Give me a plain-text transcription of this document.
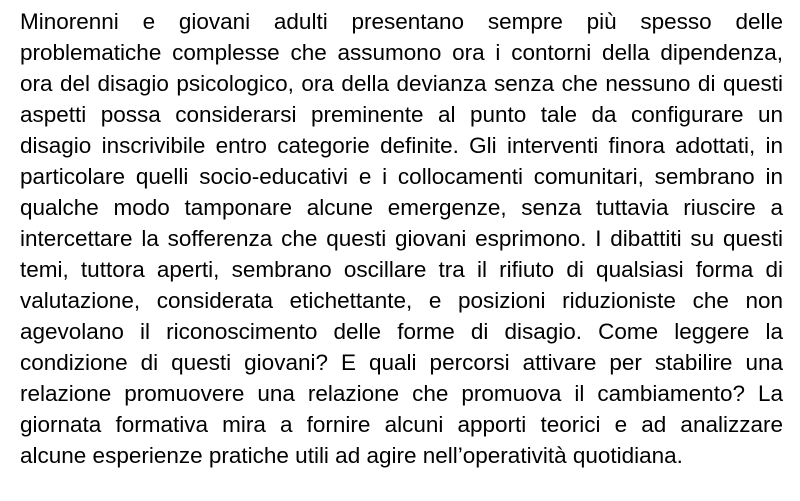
Minorenni e giovani adulti presentano sempre più spesso delle
problematiche complesse che assumono ora i contorni della dipendenza,
ora del disagio psicologico, ora della devianza senza che nessuno di questi
aspetti possa considerarsi preminente al punto tale da configurare un
disagio inscrivibile entro categorie definite. Gli interventi finora adottati, in
particolare quelli socio-educativi e i collocamenti comunitari, sembrano in
qualche modo tamponare alcune emergenze, senza tuttavia riuscire a
intercettare la sofferenza che questi giovani esprimono. I dibattiti su questi
temi, tuttora aperti, sembrano oscillare tra il rifiuto di qualsiasi forma di
valutazione, considerata etichettante, e posizioni riduzioniste che non
agevolano il riconoscimento delle forme di disagio. Come leggere la
condizione di questi giovani? E quali percorsi attivare per stabilire una
relazione promuovere una relazione che promuova il cambiamento? La
giornata formativa mira a fornire alcuni apporti teorici e ad analizzare
alcune esperienze pratiche utili ad agire nell’operatività quotidiana.
